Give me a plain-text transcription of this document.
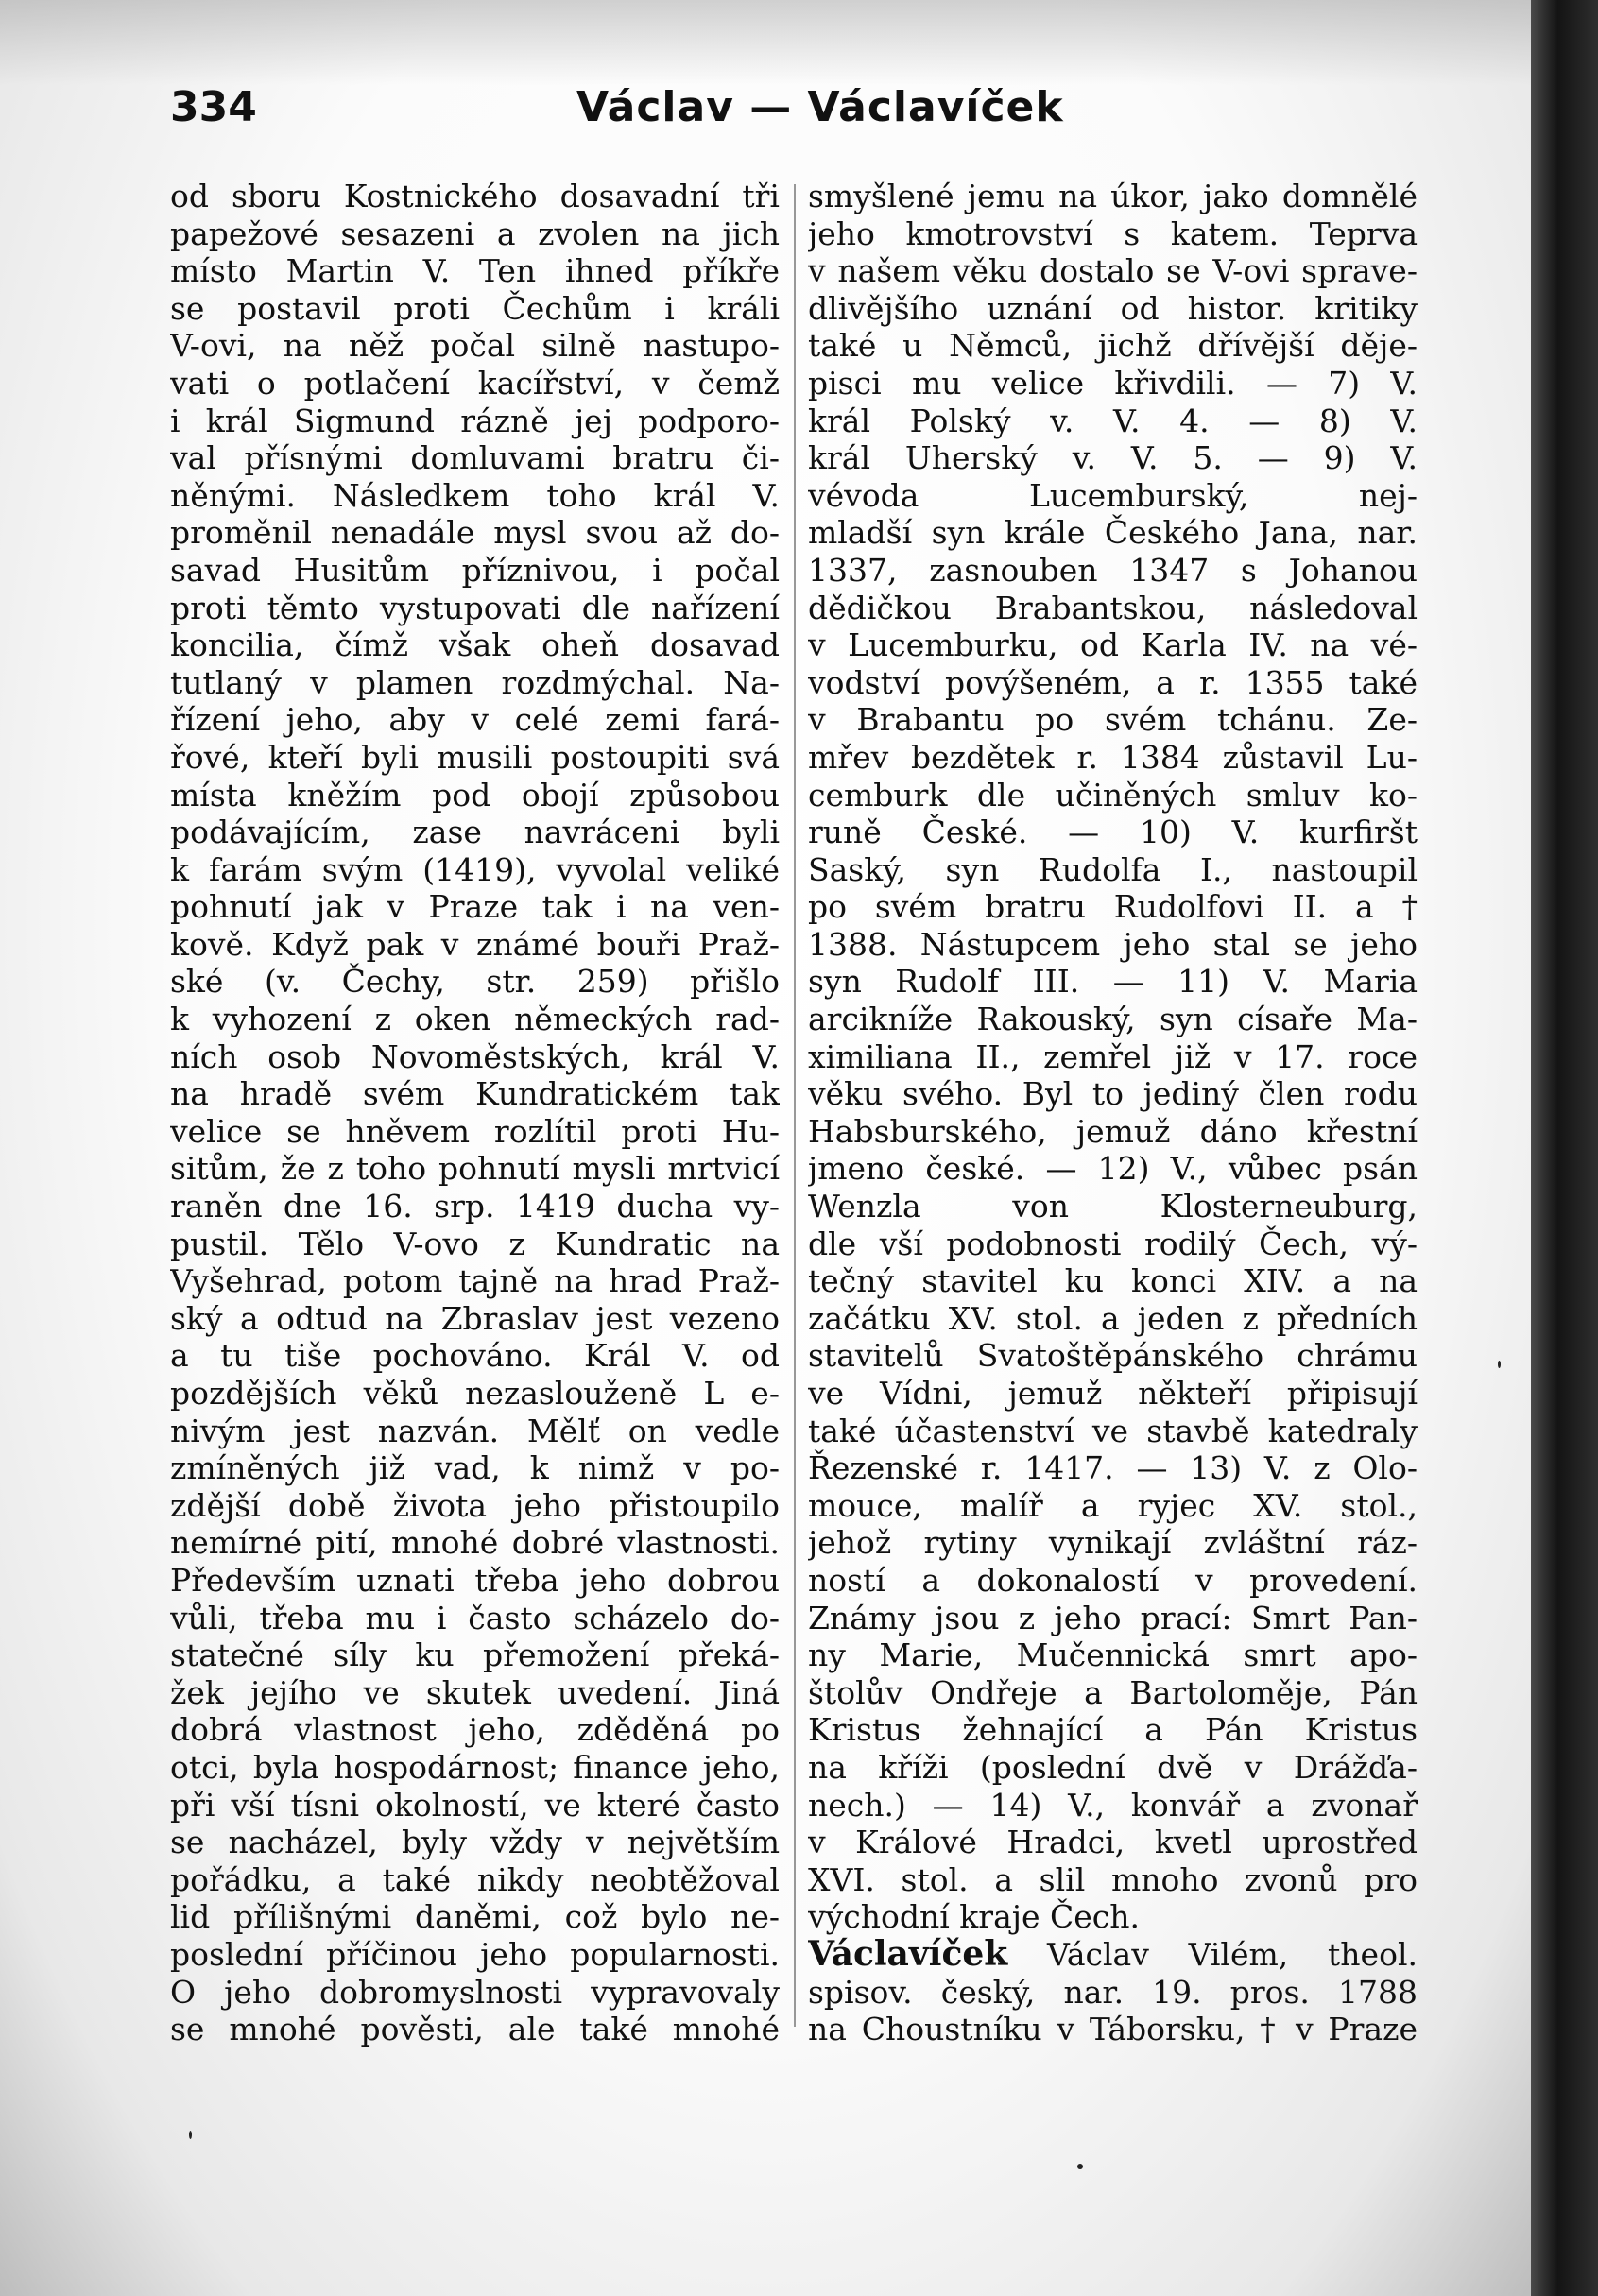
334	Václav — Václavíček
od sboru Kostnického dosavadní tři
papežové sesazeni a zvolen na jich
místo Martin V. Ten ihned příkře
se postavil proti Čechům i králi
V-ovi, na něž počal silně nastupo-
vati o potlačení kacířství, v čemž
i král Sigmund rázně jej podporo-
val přísnými domluvami bratru či-
něnými. Následkem toho král V.
proměnil nenadále mysl svou až do-
savad Husitům příznivou, i počal
proti těmto vystupovati dle nařízení
koncilia, čímž však oheň dosavad
tutlaný v plamen rozdmýchal. Na-
řízení jeho, aby v celé zemi fará-
řové, kteří byli musili postoupiti svá
místa kněžím pod obojí způsobou
podávajícím, zase navráceni byli
k farám svým (1419), vyvolal veliké
pohnutí jak v Praze tak i na ven-
kově. Když pak v známé bouři Praž-
ské (v. Čechy, str. 259) přišlo
k vyhození z oken německých rad-
ních osob Novoměstských, král V.
na hradě svém Kundratickém tak
velice se hněvem rozlítil proti Hu-
sitům, že z toho pohnutí mysli mrtvicí
raněn dne 16. srp. 1419 ducha vy-
pustil. Tělo V-ovo z Kundratic na
Vyšehrad, potom tajně na hrad Praž-
ský a odtud na Zbraslav jest vezeno
a tu tiše pochováno. Král V. od
pozdějších věků nezaslouženě L e-
nivým jest nazván. Mělť on vedle
zmíněných již vad, k nimž v po-
zdější době života jeho přistoupilo
nemírné pití, mnohé dobré vlastnosti.
Především uznati třeba jeho dobrou
vůli, třeba mu i často scházelo do-
statečné síly ku přemožení překá-
žek jejího ve skutek uvedení. Jiná
dobrá vlastnost jeho, zděděná po
otci, byla hospodárnost; finance jeho,
při vší tísni okolností, ve které často
se nacházel, byly vždy v největším
pořádku, a také nikdy neobtěžoval
lid přílišnými daněmi, což bylo ne-
poslední příčinou jeho popularnosti.
O jeho dobromyslnosti vypravovaly
se mnohé pověsti, ale také mnohé
smyšlené jemu na úkor, jako domnělé
jeho kmotrovství s katem. Teprva
v našem věku dostalo se V-ovi sprave-
dlivějšího uznání od histor. kritiky
také u Němců, jichž dřívější děje-
pisci mu velice křivdili. — 7) V.
král Polský v. V. 4. — 8) V.
král Uherský v. V. 5. — 9) V.
vévoda Lucemburský, nej-
mladší syn krále Českého Jana, nar.
1337, zasnouben 1347 s Johanou
dědičkou Brabantskou, následoval
v Lucemburku, od Karla IV. na vé-
vodství povýšeném, a r. 1355 také
v Brabantu po svém tchánu. Ze-
mřev bezdětek r. 1384 zůstavil Lu-
cemburk dle učiněných smluv ko-
runě České. — 10) V. kurfiršt
Saský, syn Rudolfa I., nastoupil
po svém bratru Rudolfovi II. a †
1388. Nástupcem jeho stal se jeho
syn Rudolf III. — 11) V. Maria
arcikníže Rakouský, syn císaře Ma-
ximiliana II., zemřel již v 17. roce
věku svého. Byl to jediný člen rodu
Habsburského, jemuž dáno křestní
jmeno české. — 12) V., vůbec psán
Wenzla von Klosterneuburg,
dle vší podobnosti rodilý Čech, vý-
tečný stavitel ku konci XIV. a na
začátku XV. stol. a jeden z předních
stavitelů Svatoštěpánského chrámu
ve Vídni, jemuž někteří připisují
také účastenství ve stavbě katedraly
Řezenské r. 1417. — 13) V. z Olo-
mouce, malíř a ryjec XV. stol.,
jehož rytiny vynikají zvláštní ráz-
ností a dokonalostí v provedení.
Známy jsou z jeho prací: Smrt Pan-
ny Marie, Mučennická smrt apo-
štolův Ondřeje a Bartoloměje, Pán
Kristus žehnající a Pán Kristus
na kříži (poslední dvě v Drážďa-
nech.) — 14) V., konvář a zvonař
v Králové Hradci, kvetl uprostřed
XVI. stol. a slil mnoho zvonů pro
východní kraje Čech.
Václavíček Václav Vilém, theol.
spisov. český, nar. 19. pros. 1788
na Choustníku v Táborsku, † v Praze
